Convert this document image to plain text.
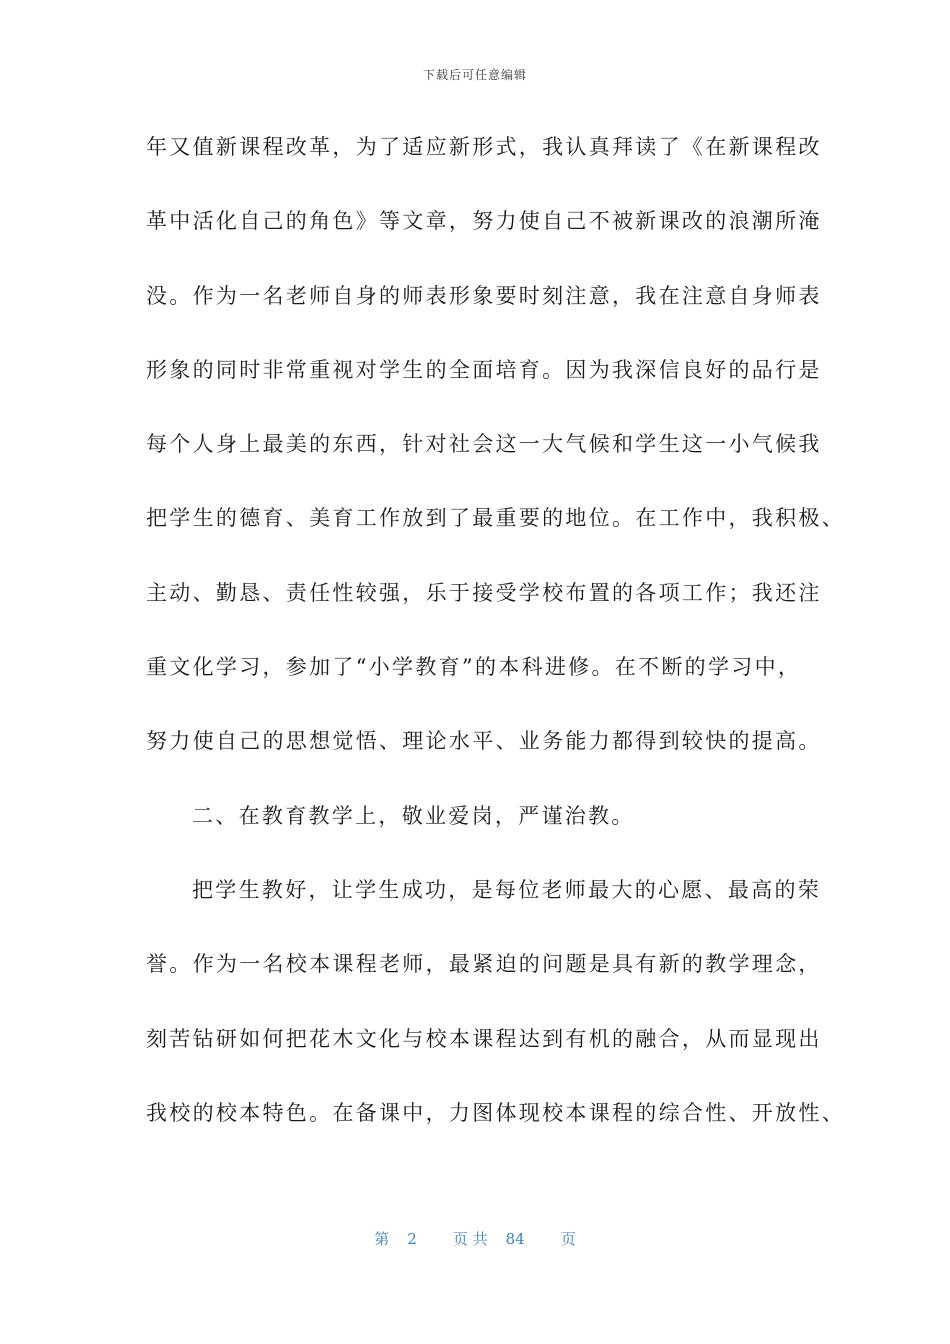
下载后可任意编辑
年又值新课程改革，为了适应新形式，我认真拜读了《在新课程改
革中活化自己的角色》等文章，努力使自己不被新课改的浪潮所淹
没。作为一名老师自身的师表形象要时刻注意，我在注意自身师表
形象的同时非常重视对学生的全面培育。因为我深信良好的品行是
每个人身上最美的东西，针对社会这一大气候和学生这一小气候我
把学生的德育、美育工作放到了最重要的地位。在工作中，我积极、
主动、勤恳、责任性较强，乐于接受学校布置的各项工作；我还注
重文化学习，参加了“小学教育”的本科进修。在不断的学习中，
努力使自己的思想觉悟、理论水平、业务能力都得到较快的提高。
二、在教育教学上，敬业爱岗，严谨治教。
把学生教好，让学生成功，是每位老师最大的心愿、最高的荣
誉。作为一名校本课程老师，最紧迫的问题是具有新的教学理念，
刻苦钻研如何把花木文化与校本课程达到有机的融合，从而显现出
我校的校本特色。在备课中，力图体现校本课程的综合性、开放性、
第 2 页 共 84 页
